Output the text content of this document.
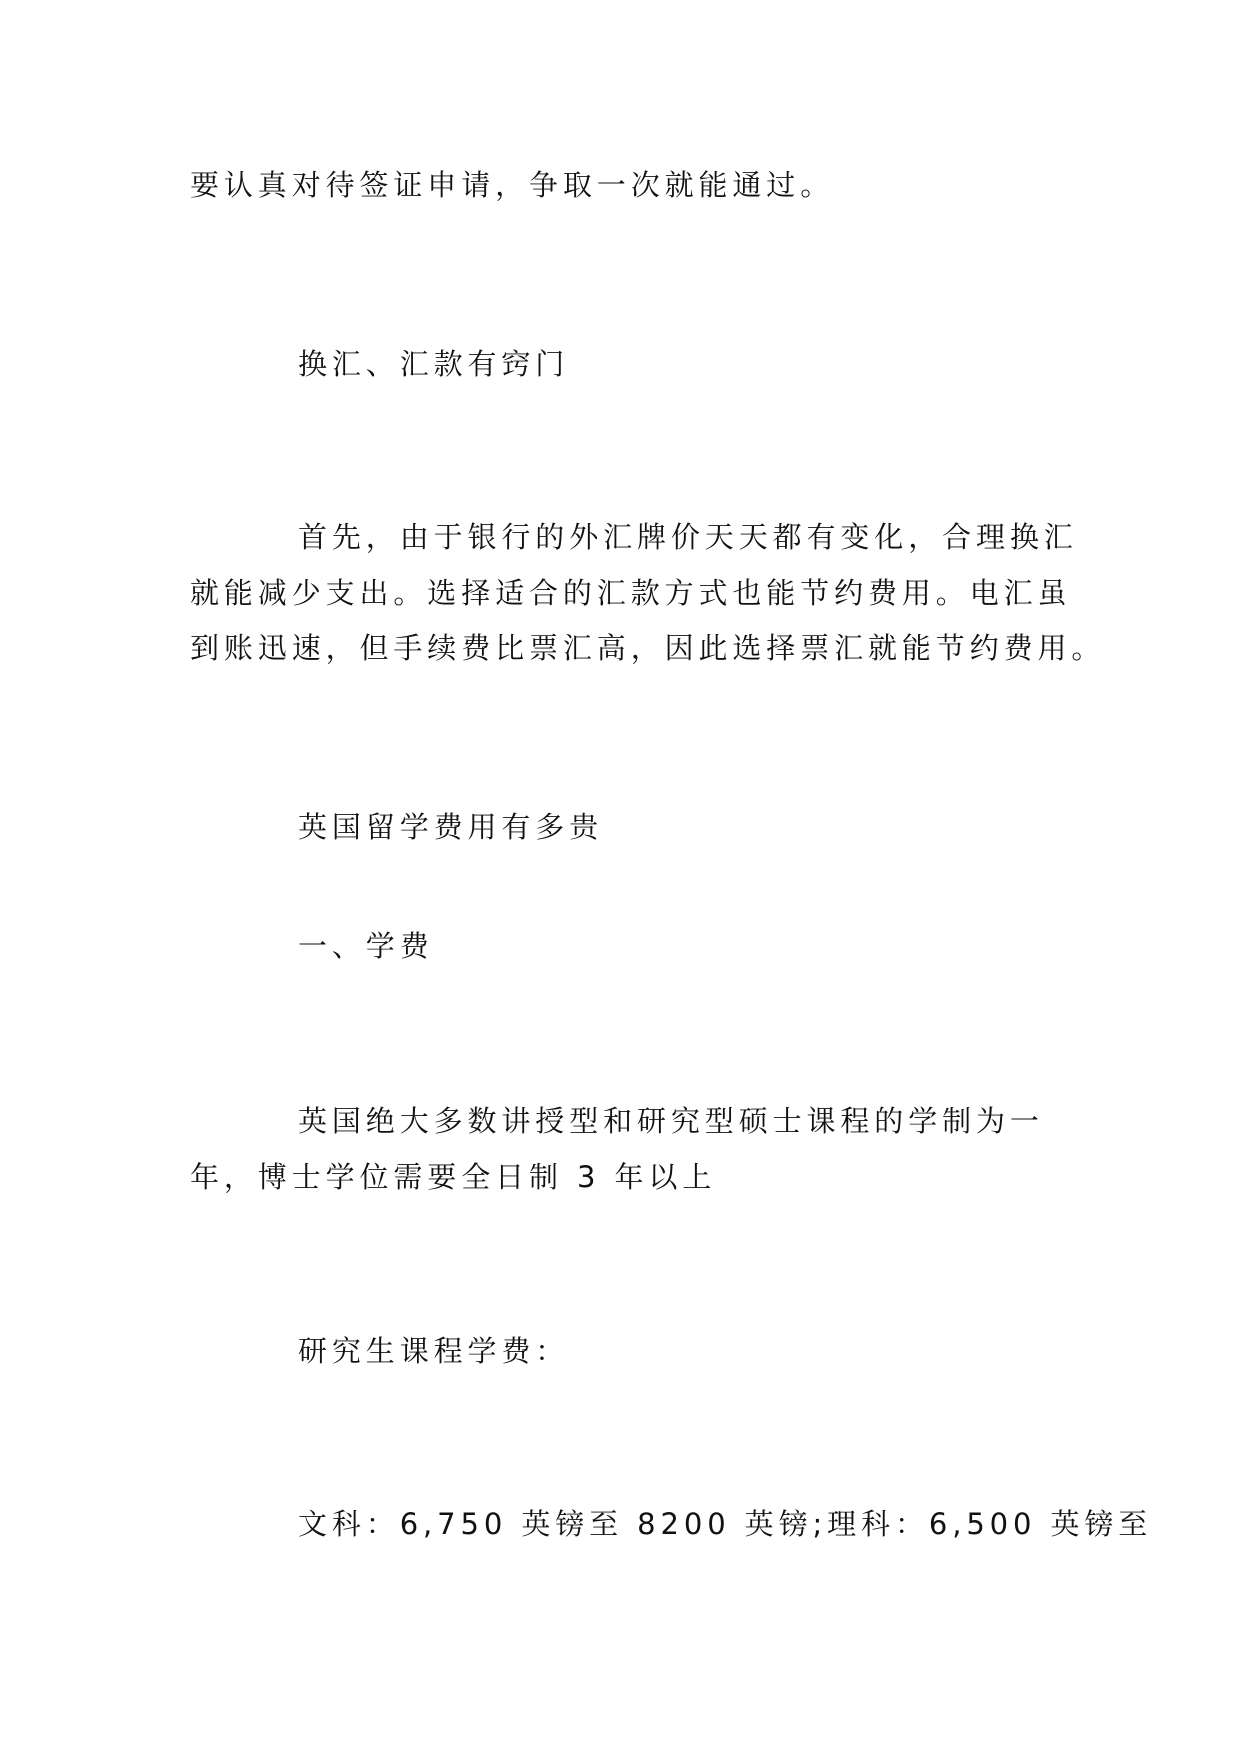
要认真对待签证申请，争取一次就能通过。
换汇、汇款有窍门
首先，由于银行的外汇牌价天天都有变化，合理换汇
就能减少支出。选择适合的汇款方式也能节约费用。电汇虽
到账迅速，但手续费比票汇高，因此选择票汇就能节约费用。
英国留学费用有多贵
一、学费
英国绝大多数讲授型和研究型硕士课程的学制为一
年，博士学位需要全日制 3 年以上
研究生课程学费：
文科：6,750 英镑至 8200 英镑;理科：6,500 英镑至
